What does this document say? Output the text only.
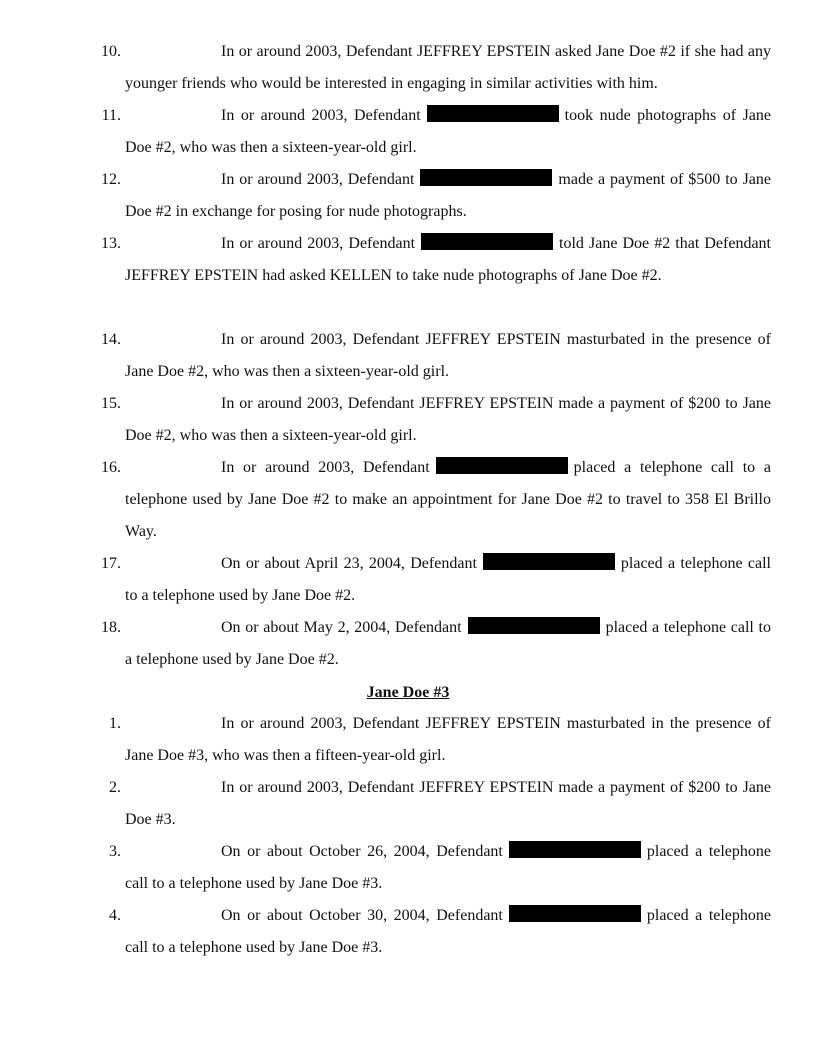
10.	In or around 2003, Defendant JEFFREY EPSTEIN asked Jane Doe #2 if she had any younger friends who would be interested in engaging in similar activities with him.
11.	In or around 2003, Defendant	took nude photographs of Jane Doe #2, who was then a sixteen-year-old girl.
12.	In or around 2003, Defendant	made a payment of $500 to Jane Doe #2 in exchange for posing for nude photographs.
13.	In or around 2003, Defendant	told Jane Doe #2 that Defendant JEFFREY EPSTEIN had asked KELLEN to take nude photographs of Jane Doe #2.
14.	In or around 2003, Defendant JEFFREY EPSTEIN masturbated in the presence of Jane Doe #2, who was then a sixteen-year-old girl.
15.	In or around 2003, Defendant JEFFREY EPSTEIN made a payment of $200 to Jane Doe #2, who was then a sixteen-year-old girl.
16.	In or around 2003, Defendant	placed a telephone call to a telephone used by Jane Doe #2 to make an appointment for Jane Doe #2 to travel to 358 El Brillo Way.
17.	On or about April 23, 2004, Defendant	placed a telephone call to a telephone used by Jane Doe #2.
18.	On or about May 2, 2004, Defendant	placed a telephone call to a telephone used by Jane Doe #2.
Jane Doe #3
1.	In or around 2003, Defendant JEFFREY EPSTEIN masturbated in the presence of Jane Doe #3, who was then a fifteen-year-old girl.
2.	In or around 2003, Defendant JEFFREY EPSTEIN made a payment of $200 to Jane Doe #3.
3.	On or about October 26, 2004, Defendant	placed a telephone call to a telephone used by Jane Doe #3.
4.	On or about October 30, 2004, Defendant	placed a telephone call to a telephone used by Jane Doe #3.
